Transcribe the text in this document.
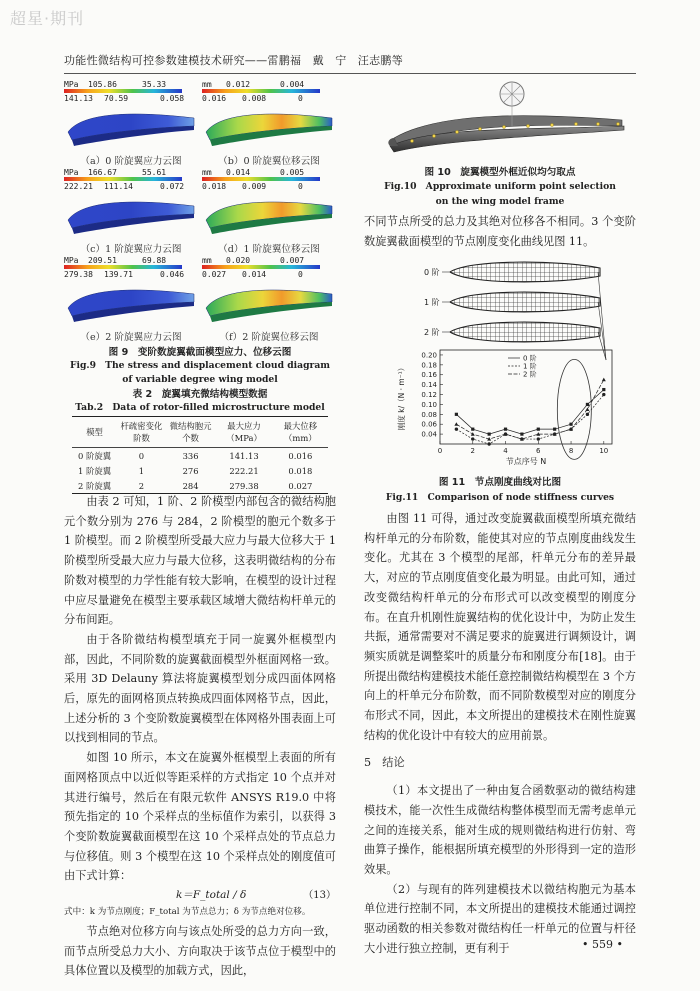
超星·期刊
功能性微结构可控参数建模技术研究——雷鹏福　戴　宁　汪志鹏等
MPa 105.86	35.33
141.13 70.59	0.058
（a）0 阶旋翼应力云图
mm 0.012	0.004
0.016 0.008	0
（b）0 阶旋翼位移云图
MPa 166.67	55.61
222.21 111.14	0.072
（c）1 阶旋翼应力云图
mm 0.014	0.005
0.018 0.009	0
（d）1 阶旋翼位移云图
MPa 209.51	69.88
279.38 139.71	0.046
（e）2 阶旋翼应力云图
mm 0.020	0.007
0.027 0.014	0
（f）2 阶旋翼位移云图
图 9　变阶数旋翼截面模型应力、位移云图
Fig.9　The stress and displacement cloud diagram
of variable degree wing model
表 2　旋翼填充微结构模型数据
Tab.2　Data of rotor-filled microstructure model
模型	杆疏密变化阶数	微结构胞元个数	最大应力（MPa）	最大位移（mm）
0 阶旋翼	0	336	141.13	0.016
1 阶旋翼	1	276	222.21	0.018
2 阶旋翼	2	284	279.38	0.027

由表 2 可知，1 阶、2 阶模型内部包含的微结构胞元个数分别为 276 与 284，2 阶模型的胞元个数多于 1 阶模型。而 2 阶模型所受最大应力与最大位移大于 1 阶模型所受最大应力与最大位移，这表明微结构的分布阶数对模型的力学性能有较大影响，在模型的设计过程中应尽量避免在模型主要承载区域增大微结构杆单元的分布间距。

由于各阶微结构模型填充于同一旋翼外框模型内部，因此，不同阶数的旋翼截面模型外框面网格一致。采用 3D Delauny 算法将旋翼模型划分成四面体网格后，原先的面网格顶点转换成四面体网格节点，因此，上述分析的 3 个变阶数旋翼模型在体网格外围表面上可以找到相同的节点。

如图 10 所示，本文在旋翼外框模型上表面的所有面网格顶点中以近似等距采样的方式指定 10 个点并对其进行编号，然后在有限元软件 ANSYS R19.0 中将预先指定的 10 个采样点的坐标值作为索引，以获得 3 个变阶数旋翼截面模型在这 10 个采样点处的节点总力与位移值。则 3 个模型在这 10 个采样点处的刚度值可由下式计算：

k＝F_total / δ	（13）
式中：k 为节点刚度；F_total 为节点总力；δ 为节点绝对位移。

节点绝对位移方向与该点处所受的总力方向一致，而节点所受总力大小、方向取决于该节点位于模型中的具体位置以及模型的加载方式，因此，

图 10　旋翼模型外框近似均匀取点
Fig.10　Approximate uniform point selection
on the wing model frame

不同节点所受的总力及其绝对位移各不相同。3 个变阶数旋翼截面模型的节点刚度变化曲线见图 11。

0 阶
1 阶
2 阶
0.04
0.06
0.08
0.10
0.12
0.14
0.16
0.18
0.20
0	2	4	6	8	10
节点序号 N
刚度 k/（N · m⁻¹）
0 阶
1 阶
2 阶
图 11　节点刚度曲线对比图
Fig.11　Comparison of node stiffness curves

由图 11 可得，通过改变旋翼截面模型所填充微结构杆单元的分布阶数，能使其对应的节点刚度曲线发生变化。尤其在 3 个模型的尾部，杆单元分布的差异最大，对应的节点刚度值变化最为明显。由此可知，通过改变微结构杆单元的分布形式可以改变模型的刚度分布。在直升机刚性旋翼结构的优化设计中，为防止发生共振，通常需要对不满足要求的旋翼进行调频设计，调频实质就是调整桨叶的质量分布和刚度分布[18]。由于所提出微结构建模技术能任意控制微结构模型在 3 个方向上的杆单元分布阶数，而不同阶数模型对应的刚度分布形式不同，因此，本文所提出的建模技术在刚性旋翼结构的优化设计中有较大的应用前景。

5　结论

（1）本文提出了一种由复合函数驱动的微结构建模技术，能一次性生成微结构整体模型而无需考虑单元之间的连接关系，能对生成的规则微结构进行仿射、弯曲算子操作，能根据所填充模型的外形得到一定的造形效果。

（2）与现有的阵列建模技术以微结构胞元为基本单位进行控制不同，本文所提出的建模技术能通过调控驱动函数的相关参数对微结构任一杆单元的位置与杆径大小进行独立控制，更有利于	• 559 •
